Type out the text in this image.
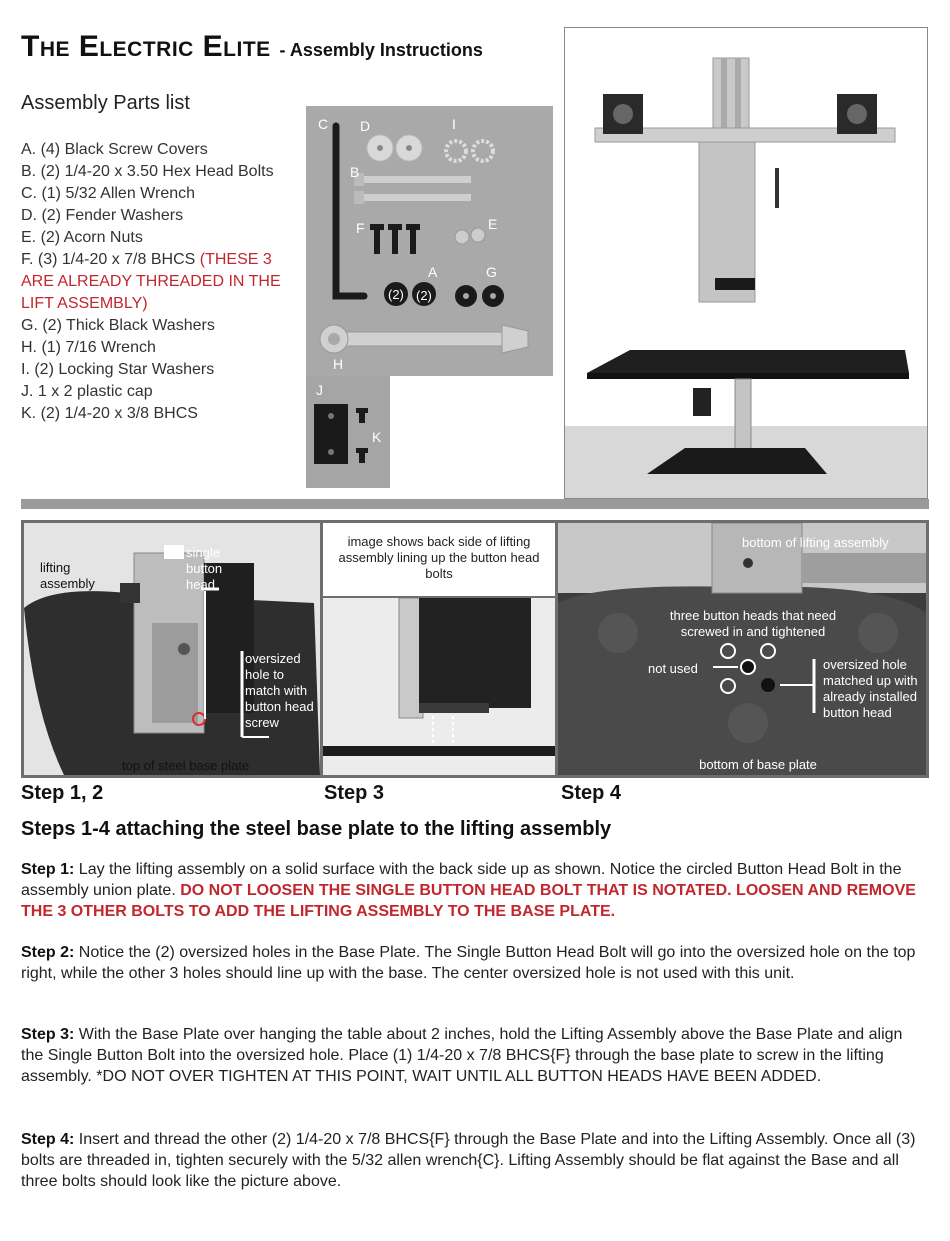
The Electric Elite - Assembly Instructions
Assembly Parts list
A. (4) Black Screw Covers
B. (2) 1/4-20 x 3.50 Hex Head Bolts
C. (1) 5/32 Allen Wrench
D. (2) Fender Washers
E. (2) Acorn Nuts
F. (3) 1/4-20 x 7/8 BHCS (THESE 3 ARE ALREADY THREADED IN THE LIFT ASSEMBLY)
G. (2) Thick Black Washers
H. (1) 7/16 Wrench
I. (2) Locking Star Washers
J. 1 x 2 plastic cap
K. (2) 1/4-20 x 3/8 BHCS
C D	I
B
E
F
A	G
H
(2) (2)
J
K
lifting assembly
single button head
oversized hole to match with button head screw
top of steel base plate
image shows back side of lifting assembly lining up the button head bolts
bottom of lifting assembly
three button heads that need screwed in and tightened
not used	oversized hole matched up with already installed button head
bottom of base plate
Step 1, 2	Step 3	Step 4
Steps 1-4 attaching the steel base plate to the lifting assembly
Step 1: Lay the lifting assembly on a solid surface with the back side up as shown. Notice the circled Button Head Bolt in the assembly union plate. DO NOT LOOSEN THE SINGLE BUTTON HEAD BOLT THAT IS NOTATED. LOOSEN AND REMOVE THE 3 OTHER BOLTS TO ADD THE LIFTING ASSEMBLY TO THE BASE PLATE.
Step 2: Notice the (2) oversized holes in the Base Plate. The Single Button Head Bolt will go into the oversized hole on the top right, while the other 3 holes should line up with the base. The center oversized hole is not used with this unit.
Step 3: With the Base Plate over hanging the table about 2 inches, hold the Lifting Assembly above the Base Plate and align the Single Button Bolt into the oversized hole. Place (1) 1/4-20 x 7/8 BHCS{F} through the base plate to screw in the lifting assembly. *DO NOT OVER TIGHTEN AT THIS POINT, WAIT UNTIL ALL BUTTON HEADS HAVE BEEN ADDED.
Step 4: Insert and thread the other (2) 1/4-20 x 7/8 BHCS{F} through the Base Plate and into the Lifting Assembly. Once all (3) bolts are threaded in, tighten securely with the 5/32 allen wrench{C}. Lifting Assembly should be flat against the Base and all three bolts should look like the picture above.
